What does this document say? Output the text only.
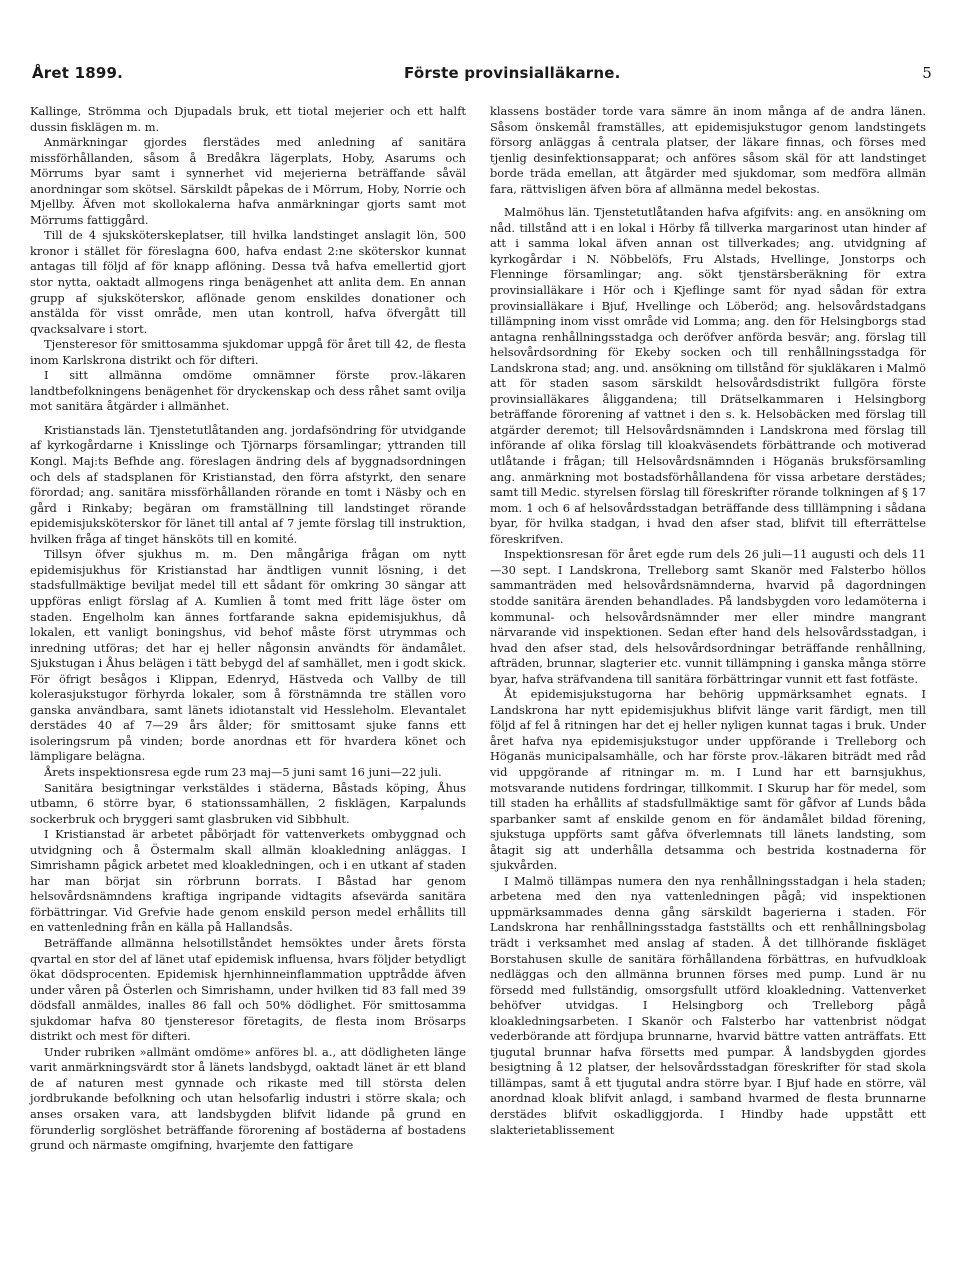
Året 1899.	Förste provinsialläkarne.	5

Kallinge, Strömma och Djupadals bruk, ett tiotal mejerier och ett halft dussin fisklägen m. m.

Anmärkningar gjordes flerstädes med anledning af sanitära missförhållanden, såsom å Bredåkra lägerplats, Hoby, Asarums och Mörrums byar samt i synnerhet vid mejerierna beträffande såväl anordningar som skötsel. Särskildt påpekas de i Mörrum, Hoby, Norrie och Mjellby. Äfven mot skollokalerna hafva anmärkningar gjorts samt mot Mörrums fattiggård.

Till de 4 sjuksköterskeplatser, till hvilka landstinget anslagit lön, 500 kronor i stället för föreslagna 600, hafva endast 2:ne sköterskor kunnat antagas till följd af för knapp aflöning. Dessa två hafva emellertid gjort stor nytta, oaktadt allmogens ringa benägenhet att anlita dem. En annan grupp af sjuksköterskor, aflönade genom enskildes donationer och anstälda för visst område, men utan kontroll, hafva öfvergått till qvacksalvare i stort.

Tjensteresor för smittosamma sjukdomar uppgå för året till 42, de flesta inom Karlskrona distrikt och för difteri.

I sitt allmänna omdöme omnämner förste prov.-läkaren landtbefolkningens benägenhet för dryckenskap och dess råhet samt ovilja mot sanitära åtgärder i allmänhet.

Kristianstads län. Tjenstetutlåtanden ang. jordafsöndring för utvidgande af kyrkogårdarne i Knisslinge och Tjörnarps församlingar; yttranden till Kongl. Maj:ts Befhde ang. föreslagen ändring dels af byggnadsordningen och dels af stadsplanen för Kristianstad, den förra afstyrkt, den senare förordad; ang. sanitära missförhållanden rörande en tomt i Näsby och en gård i Rinkaby; begäran om framställning till landstinget rörande epidemisjuksköterskor för länet till antal af 7 jemte förslag till instruktion, hvilken fråga af tinget hänsköts till en komité.

Tillsyn öfver sjukhus m. m. Den mångåriga frågan om nytt epidemisjukhus för Kristianstad har ändtligen vunnit lösning, i det stadsfullmäktige beviljat medel till ett sådant för omkring 30 sängar att uppföras enligt förslag af A. Kumlien å tomt med fritt läge öster om staden. Engelholm kan ännes fortfarande sakna epidemisjukhus, då lokalen, ett vanligt boningshus, vid behof måste först utrymmas och inredning utföras; det har ej heller någonsin användts för ändamålet. Sjukstugan i Åhus belägen i tätt bebygd del af samhället, men i godt skick. För öfrigt besågos i Klippan, Edenryd, Hästveda och Vallby de till kolerasjukstugor förhyrda lokaler, som å förstnämnda tre ställen voro ganska användbara, samt länets idiotanstalt vid Hessleholm. Elevantalet derstädes 40 af 7—29 års ålder; för smittosamt sjuke fanns ett isoleringsrum på vinden; borde anordnas ett för hvardera könet och lämpligare belägna.

Årets inspektionsresa egde rum 23 maj—5 juni samt 16 juni—22 juli.

Sanitära besigtningar verkstäldes i städerna, Båstads köping, Åhus utbamn, 6 större byar, 6 stationssamhällen, 2 fisklägen, Karpalunds sockerbruk och bryggeri samt glasbruken vid Sibbhult.

I Kristianstad är arbetet påbörjadt för vattenverkets ombyggnad och utvidgning och å Östermalm skall allmän kloakledning anläggas. I Simrishamn pågick arbetet med kloakledningen, och i en utkant af staden har man börjat sin rörbrunn borrats. I Båstad har genom helsovårdsnämndens kraftiga ingripande vidtagits afsevärda sanitära förbättringar. Vid Grefvie hade genom enskild person medel erhållits till en vattenledning från en källa på Hallandsås.

Beträffande allmänna helsotillståndet hemsöktes under årets första qvartal en stor del af länet utaf epidemisk influensa, hvars följder betydligt ökat dödsprocenten. Epidemisk hjernhinneinflammation upptrådde äfven under våren på Österlen och Simrishamn, under hvilken tid 83 fall med 39 dödsfall anmäldes, inalles 86 fall och 50% dödlighet. För smittosamma sjukdomar hafva 80 tjensteresor företagits, de flesta inom Brösarps distrikt och mest för difteri.

Under rubriken »allmänt omdöme» anföres bl. a., att dödligheten länge varit anmärkningsvärdt stor å länets landsbygd, oaktadt länet är ett bland de af naturen mest gynnade och rikaste med till största delen jordbrukande befolkning och utan helsofarlig industri i större skala; och anses orsaken vara, att landsbygden blifvit lidande på grund en förunderlig sorglöshet beträffande förorening af bostäderna af bostadens grund och närmaste omgifning, hvarjemte den fattigare

klassens bostäder torde vara sämre än inom många af de andra länen. Såsom önskemål framställes, att epidemisjukstugor genom landstingets försorg anläggas å centrala platser, der läkare finnas, och förses med tjenlig desinfektionsapparat; och anföres såsom skäl för att landstinget borde träda emellan, att åtgärder med sjukdomar, som medföra allmän fara, rättvisligen äfven böra af allmänna medel bekostas.

Malmöhus län. Tjenstetutlåtanden hafva afgifvits: ang. en ansökning om nåd. tillstånd att i en lokal i Hörby få tillverka margarinost utan hinder af att i samma lokal äfven annan ost tillverkades; ang. utvidgning af kyrkogårdar i N. Nöbbelöfs, Fru Alstads, Hvellinge, Jonstorps och Flenninge församlingar; ang. sökt tjenstärsberäkning för extra provinsialläkare i Hör och i Kjeflinge samt för nyad sådan för extra provinsialläkare i Bjuf, Hvellinge och Löberöd; ang. helsovårdstadgans tillämpning inom visst område vid Lomma; ang. den för Helsingborgs stad antagna renhållningsstadga och deröfver anförda besvär; ang. förslag till helsovårdsordning för Ekeby socken och till renhållningsstadga för Landskrona stad; ang. und. ansökning om tillstånd för sjukläkaren i Malmö att för staden sasom särskildt helsovårdsdistrikt fullgöra förste provinsialläkares åliggandena; till Drätselkammaren i Helsingborg beträffande förorening af vattnet i den s. k. Helsobäcken med förslag till atgärder deremot; till Helsovårdsnämnden i Landskrona med förslag till införande af olika förslag till kloakväsendets förbättrande och motiverad utlåtande i frågan; till Helsovårdsnämnden i Höganäs bruksförsamling ang. anmärkning mot bostadsförhållandena för vissa arbetare derstädes; samt till Medic. styrelsen förslag till föreskrifter rörande tolkningen af § 17 mom. 1 och 6 af helsovårdsstadgan beträffande dess tilllämpning i sådana byar, för hvilka stadgan, i hvad den afser stad, blifvit till efterrättelse föreskrifven.

Inspektionsresan för året egde rum dels 26 juli—11 augusti och dels 11—30 sept. I Landskrona, Trelleborg samt Skanör med Falsterbo höllos sammanträden med helsovårdsnämnderna, hvarvid på dagordningen stodde sanitära ärenden behandlades. På landsbygden voro ledamöterna i kommunal- och helsovårdsnämnder mer eller mindre mangrant närvarande vid inspektionen. Sedan efter hand dels helsovårdsstadgan, i hvad den afser stad, dels helsovårdsordningar beträffande renhållning, afträden, brunnar, slagterier etc. vunnit tillämpning i ganska många större byar, hafva sträfvandena till sanitära förbättringar vunnit ett fast fotfäste.

Åt epidemisjukstugorna har behörig uppmärksamhet egnats. I Landskrona har nytt epidemisjukhus blifvit länge varit färdigt, men till följd af fel å ritningen har det ej heller nyligen kunnat tagas i bruk. Under året hafva nya epidemisjukstugor under uppförande i Trelleborg och Höganäs municipalsamhälle, och har förste prov.-läkaren biträdt med råd vid uppgörande af ritningar m. m. I Lund har ett barnsjukhus, motsvarande nutidens fordringar, tillkommit. I Skurup har för medel, som till staden ha erhållits af stadsfullmäktige samt för gåfvor af Lunds båda sparbanker samt af enskilde genom en för ändamålet bildad förening, sjukstuga uppförts samt gåfva öfverlemnats till länets landsting, som åtagit sig att underhålla detsamma och bestrida kostnaderna för sjukvården.

I Malmö tillämpas numera den nya renhållningsstadgan i hela staden; arbetena med den nya vattenledningen pågå; vid inspektionen uppmärksammades denna gång särskildt bagerierna i staden. För Landskrona har renhållningsstadga fastställts och ett renhållningsbolag trädt i verksamhet med anslag af staden. Å det tillhörande fiskläget Borstahusen skulle de sanitära förhållandena förbättras, en hufvudkloak nedläggas och den allmänna brunnen förses med pump. Lund är nu försedd med fullständig, omsorgsfullt utförd kloakledning. Vattenverket behöfver utvidgas. I Helsingborg och Trelleborg pågå kloakledningsarbeten. I Skanör och Falsterbo har vattenbrist nödgat vederbörande att fördjupa brunnarne, hvarvid bättre vatten anträffats. Ett tjugutal brunnar hafva försetts med pumpar. Å landsbygden gjordes besigtning å 12 platser, der helsovårdsstadgan föreskrifter för stad skola tillämpas, samt å ett tjugutal andra större byar. I Bjuf hade en större, väl anordnad kloak blifvit anlagd, i samband hvarmed de flesta brunnarne derstädes blifvit oskadliggjorda. I Hindby hade uppstått ett slakterietablissement
